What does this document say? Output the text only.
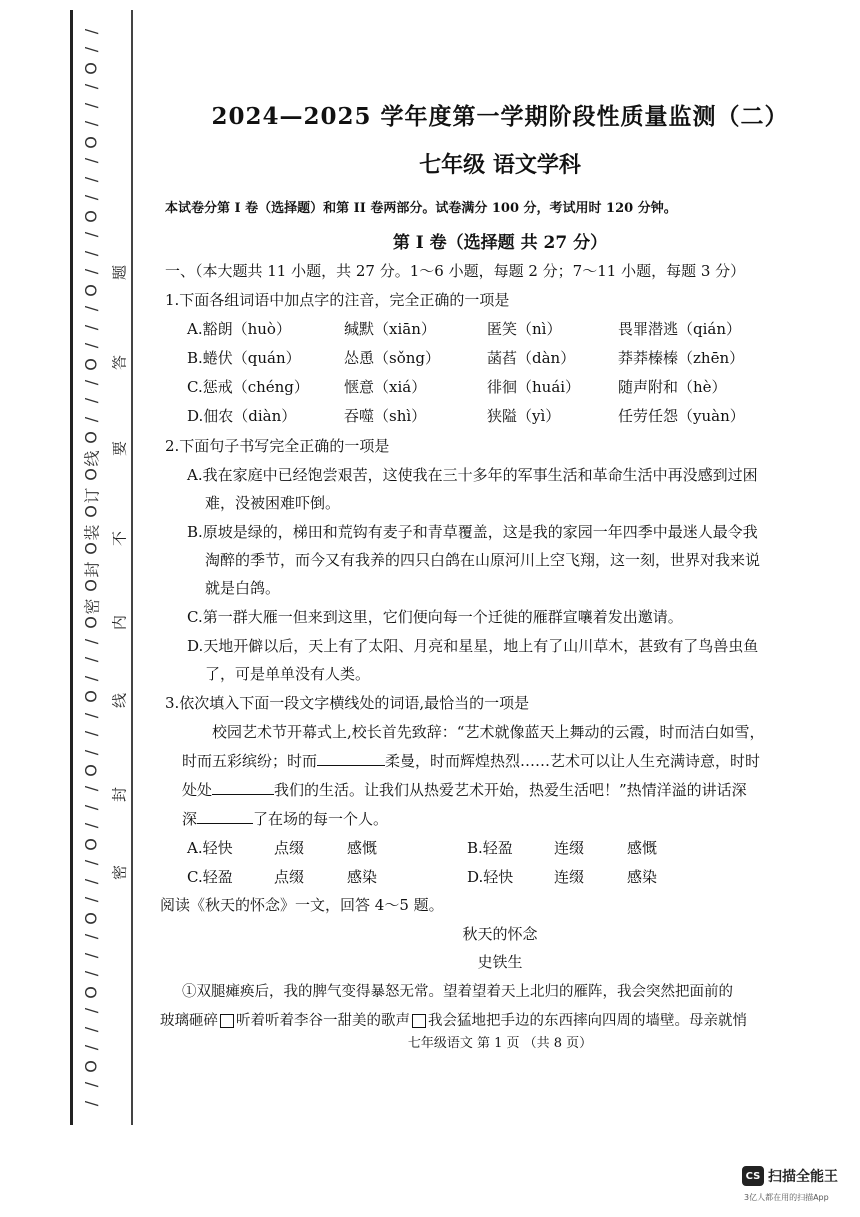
/
/
O
/
/
/
O
/
/
/
O
/
/
/
O
/
/
/
O
/
/
/
O
线
O
订
O
装
O
封
O
密
O
/
/
/
O
/
/
/
O
/
/
/
O
/
/
/
O
/
/
/
O
/
/
/
O
/
/
题
答
要
不
内
线
封
密
2024—2025 学年度第一学期阶段性质量监测（二）
七年级 语文学科
本试卷分第 I 卷（选择题）和第 II 卷两部分。试卷满分 100 分，考试用时 120 分钟。
第 I 卷（选择题 共 27 分）
一、（本大题共 11 小题，共 27 分。1～6 小题，每题 2 分；7～11 小题，每题 3 分）
1.下面各组词语中加点字的注音，完全正确的一项是
A.豁朗（huò）	缄默（xiān）	匿笑（nì）	畏罪潜逃（qián）
B.蜷伏（quán）	怂恿（sǒng）	菡萏（dàn）	莽莽榛榛（zhēn）
C.惩戒（chéng） 惬意（xiá）	徘徊（huái）	随声附和（hè）
D.佃农（diàn）	吞噬（shì）	狭隘（yì）	任劳任怨（yuàn）
2.下面句子书写完全正确的一项是
A.我在家庭中已经饱尝艰苦，这使我在三十多年的军事生活和革命生活中再没感到过困
难，没被困难吓倒。
B.原坡是绿的，梯田和荒钩有麦子和青草覆盖，这是我的家园一年四季中最迷人最令我
淘醉的季节，而今又有我养的四只白鸽在山原河川上空飞翔，这一刻，世界对我来说
就是白鸽。
C.第一群大雁一但来到这里，它们便向每一个迁徙的雁群宣嚷着发出邀请。
D.天地开僻以后，天上有了太阳、月亮和星星，地上有了山川草木，甚致有了鸟兽虫鱼
了，可是单单没有人类。
3.依次填入下面一段文字横线处的词语,最恰当的一项是
校园艺术节开幕式上,校长首先致辞：“艺术就像蓝天上舞动的云霞，时而洁白如雪，
时而五彩缤纷；时而	柔曼，时而辉煌热烈……艺术可以让人生充满诗意，时时
处处	我们的生活。让我们从热爱艺术开始，热爱生活吧！”热情洋溢的讲话深
深	了在场的每一个人。
A.轻快	点缀	感慨	B.轻盈	连缀	感慨
C.轻盈	点缀	感染	D.轻快	连缀	感染
阅读《秋天的怀念》一文，回答 4～5 题。
秋天的怀念
史铁生
①双腿瘫痪后，我的脾气变得暴怒无常。望着望着天上北归的雁阵，我会突然把面前的
玻璃砸碎 听着听着李谷一甜美的歌声 我会猛地把手边的东西摔向四周的墙壁。母亲就悄
七年级语文 第 1 页 （共 8 页）
CS 扫描全能王
3亿人都在用的扫描App
